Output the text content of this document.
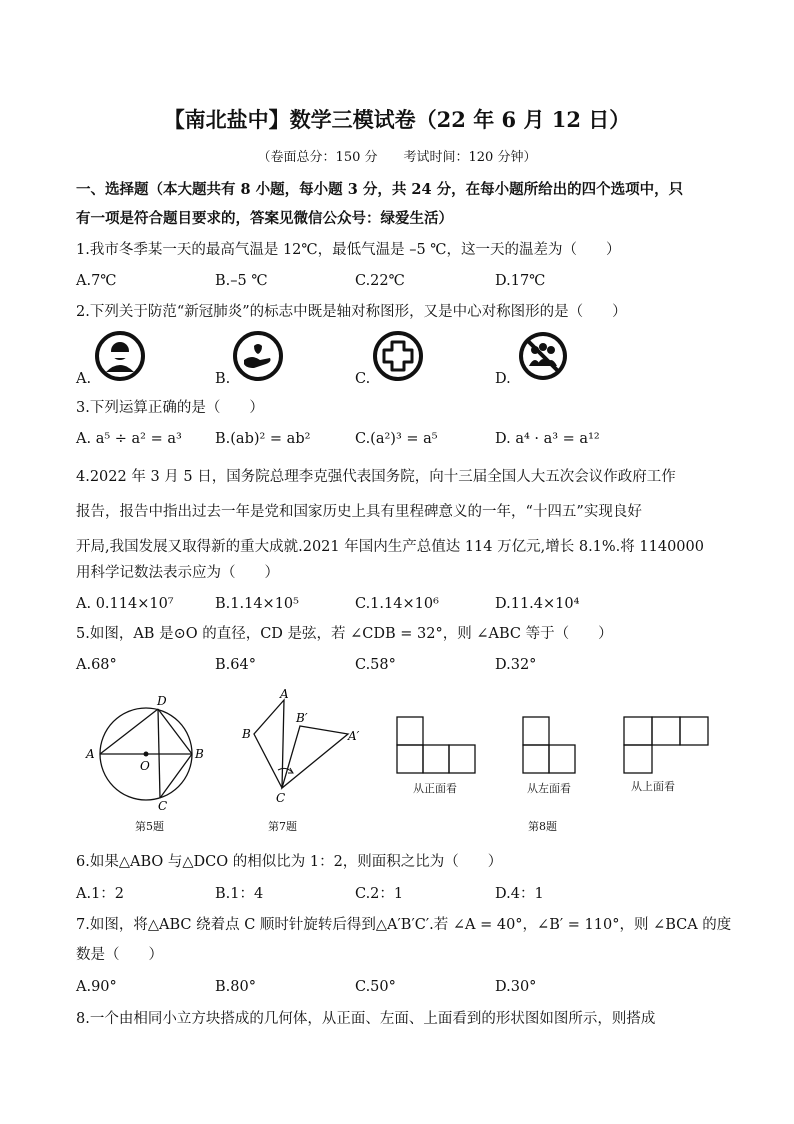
【南北盐中】数学三模试卷（22 年 6 月 12 日）
（卷面总分：150 分　　考试时间：120 分钟）
一、选择题（本大题共有 8 小题，每小题 3 分，共 24 分，在每小题所给出的四个选项中，只
有一项是符合题目要求的，答案见微信公众号：绿爱生活）
1.我市冬季某一天的最高气温是 12℃，最低气温是 –5 ℃，这一天的温差为（　　）
A.7℃	B.–5 ℃	C.22℃	D.17℃
2.下列关于防范“新冠肺炎”的标志中既是轴对称图形，又是中心对称图形的是（　　）
A.	B.	C.	D.
3.下列运算正确的是（　　）
A. a⁵ ÷ a² = a³ B.(ab)² = ab²	C.(a²)³ = a⁵	D. a⁴ · a³ = a¹²
4.2022 年 3 月 5 日，国务院总理李克强代表国务院，向十三届全国人大五次会议作政府工作
报告，报告中指出过去一年是党和国家历史上具有里程碑意义的一年，“十四五”实现良好
开局,我国发展又取得新的重大成就.2021 年国内生产总值达 114 万亿元,增长 8.1%.将 1140000
用科学记数法表示应为（　　）
A. 0.114×10⁷	B.1.14×10⁵	C.1.14×10⁶	D.11.4×10⁴
5.如图，AB 是⊙O 的直径，CD 是弦，若 ∠CDB = 32°，则 ∠ABC 等于（　　）
A.68°	B.64°	C.58°	D.32°
D
A
O
B
C
第5题
A
B
B′
A′
C
第7题
从正面看	从左面看	从上面看
第8题
6.如果△ABO 与△DCO 的相似比为 1：2，则面积之比为（　　）
A.1：2	B.1：4	C.2：1	D.4：1
7.如图，将△ABC 绕着点 C 顺时针旋转后得到△A′B′C′.若 ∠A = 40°，∠B′ = 110°，则 ∠BCA 的度
数是（　　）
A.90°	B.80°	C.50°	D.30°
8.一个由相同小立方块搭成的几何体，从正面、左面、上面看到的形状图如图所示，则搭成
